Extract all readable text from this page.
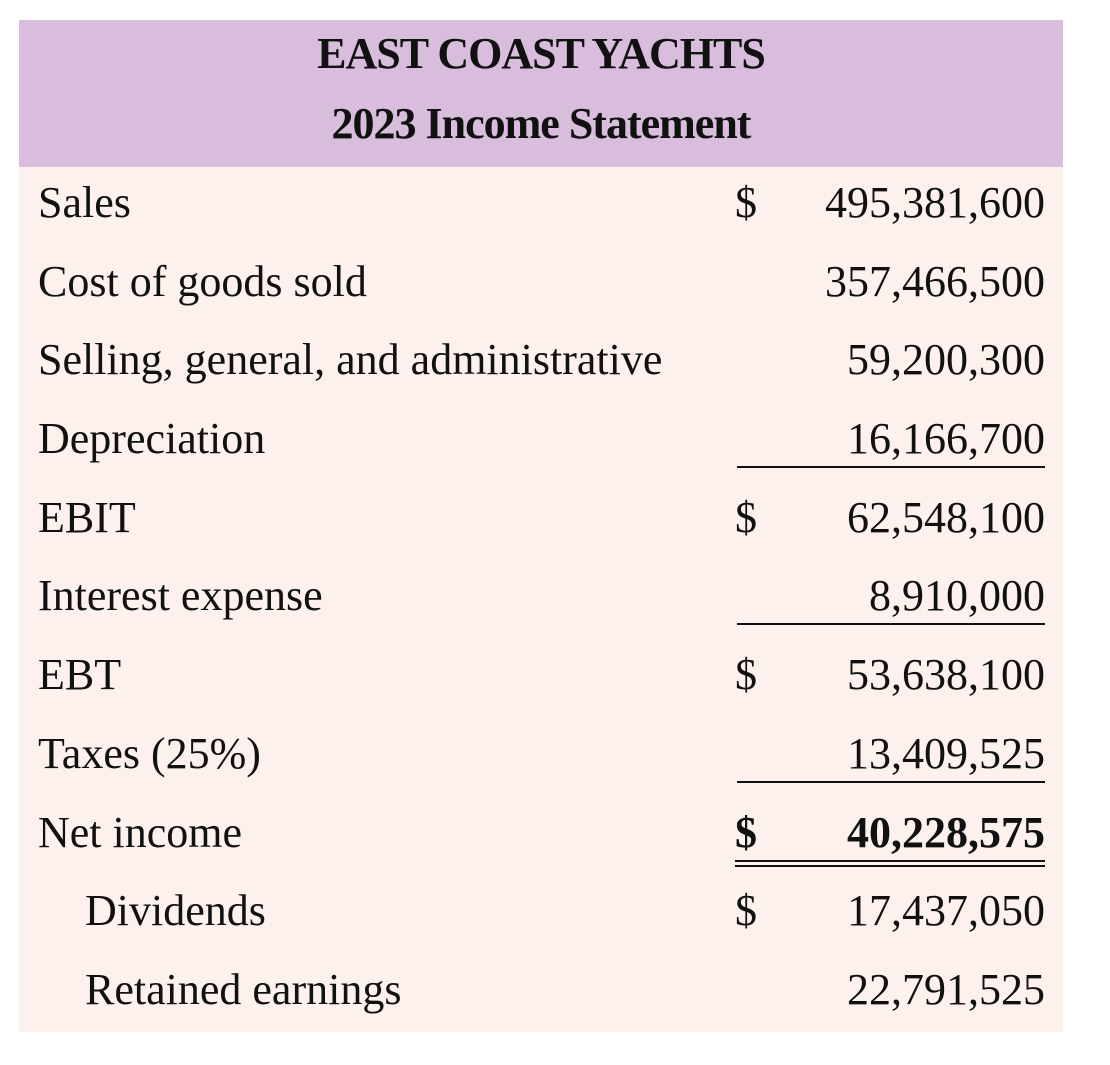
EAST COAST YACHTS
2023 Income Statement
Sales	$ 495,381,600
Cost of goods sold	357,466,500
Selling, general, and administrative	59,200,300
Depreciation	16,166,700
EBIT	$ 62,548,100
Interest expense	8,910,000
EBT	$ 53,638,100
Taxes (25%)	13,409,525
Net income	$ 40,228,575
Dividends	$ 17,437,050
Retained earnings	22,791,525
